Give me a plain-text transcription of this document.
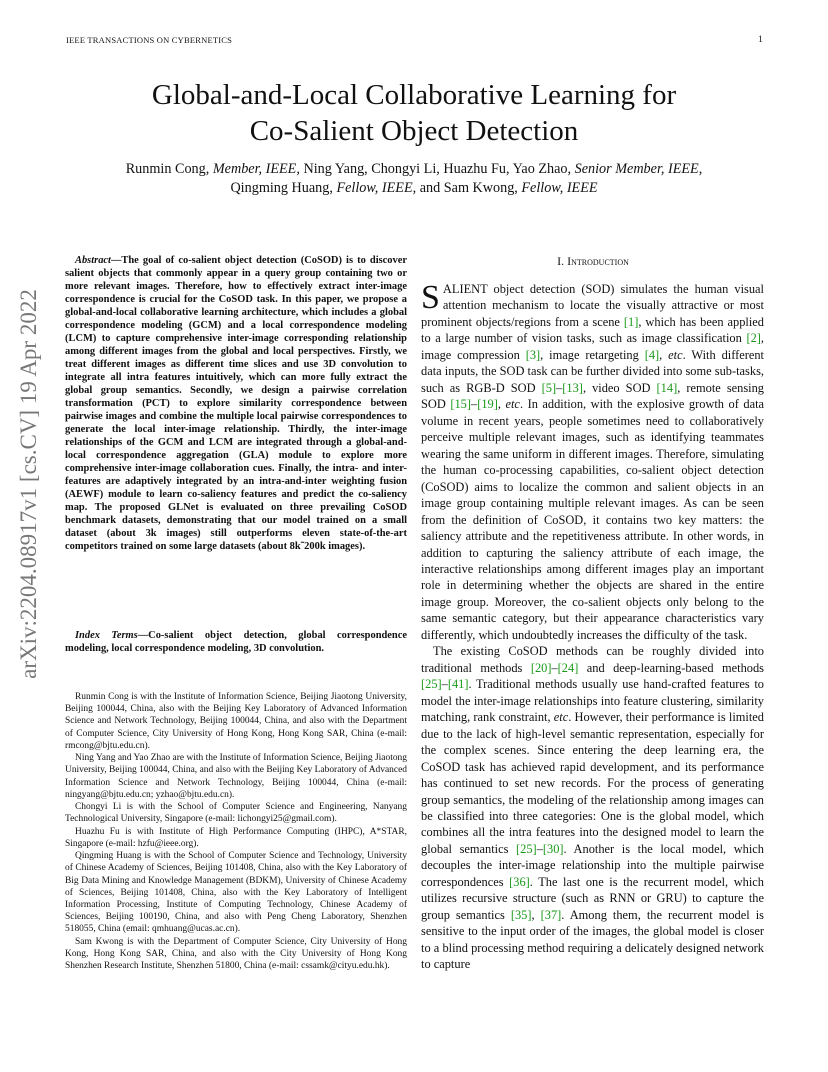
IEEE TRANSACTIONS ON CYBERNETICS	1
Global-and-Local Collaborative Learning for
Co-Salient Object Detection
Runmin Cong, Member, IEEE, Ning Yang, Chongyi Li, Huazhu Fu, Yao Zhao, Senior Member, IEEE,
Qingming Huang, Fellow, IEEE, and Sam Kwong, Fellow, IEEE
arXiv:2204.08917v1 [cs.CV] 19 Apr 2022
Abstract—The goal of co-salient object detection (CoSOD) is to discover salient objects that commonly appear in a query group containing two or more relevant images. Therefore, how to effectively extract inter-image correspondence is crucial for the CoSOD task. In this paper, we propose a global-and-local collaborative learning architecture, which includes a global correspondence modeling (GCM) and a local correspondence modeling (LCM) to capture comprehensive inter-image corresponding relationship among different images from the global and local perspectives. Firstly, we treat different images as different time slices and use 3D convolution to integrate all intra features intuitively, which can more fully extract the global group semantics. Secondly, we design a pairwise correlation transformation (PCT) to explore similarity correspondence between pairwise images and combine the multiple local pairwise correspondences to generate the local inter-image relationship. Thirdly, the inter-image relationships of the GCM and LCM are integrated through a global-and-local correspondence aggregation (GLA) module to explore more comprehensive inter-image collaboration cues. Finally, the intra- and inter-features are adaptively integrated by an intra-and-inter weighting fusion (AEWF) module to learn co-saliency features and predict the co-saliency map. The proposed GLNet is evaluated on three prevailing CoSOD benchmark datasets, demonstrating that our model trained on a small dataset (about 3k images) still outperforms eleven state-of-the-art competitors trained on some large datasets (about 8k˜200k images).
Index Terms—Co-salient object detection, global correspondence modeling, local correspondence modeling, 3D convolution.

Runmin Cong is with the Institute of Information Science, Beijing Jiaotong University, Beijing 100044, China, also with the Beijing Key Laboratory of Advanced Information Science and Network Technology, Beijing 100044, China, and also with the Department of Computer Science, City University of Hong Kong, Hong Kong SAR, China (e-mail: rmcong@bjtu.edu.cn).

Ning Yang and Yao Zhao are with the Institute of Information Science, Beijing Jiaotong University, Beijing 100044, China, and also with the Beijing Key Laboratory of Advanced Information Science and Network Technology, Beijing 100044, China (e-mail: ningyang@bjtu.edu.cn; yzhao@bjtu.edu.cn).

Chongyi Li is with the School of Computer Science and Engineering, Nanyang Technological University, Singapore (e-mail: lichongyi25@gmail.com).

Huazhu Fu is with Institute of High Performance Computing (IHPC), A*STAR, Singapore (e-mail: hzfu@ieee.org).

Qingming Huang is with the School of Computer Science and Technology, University of Chinese Academy of Sciences, Beijing 101408, China, also with the Key Laboratory of Big Data Mining and Knowledge Management (BDKM), University of Chinese Academy of Sciences, Beijing 101408, China, also with the Key Laboratory of Intelligent Information Processing, Institute of Computing Technology, Chinese Academy of Sciences, Beijing 100190, China, and also with Peng Cheng Laboratory, Shenzhen 518055, China (email: qmhuang@ucas.ac.cn).

Sam Kwong is with the Department of Computer Science, City University of Hong Kong, Hong Kong SAR, China, and also with the City University of Hong Kong Shenzhen Research Institute, Shenzhen 51800, China (e-mail: cssamk@cityu.edu.hk).

I. Introduction

SALIENT object detection (SOD) simulates the human visual attention mechanism to locate the visually attractive or most prominent objects/regions from a scene [1], which has been applied to a large number of vision tasks, such as image classification [2], image compression [3], image retargeting [4], etc. With different data inputs, the SOD task can be further divided into some sub-tasks, such as RGB-D SOD [5]–[13], video SOD [14], remote sensing SOD [15]–[19], etc. In addition, with the explosive growth of data volume in recent years, people sometimes need to collaboratively perceive multiple relevant images, such as identifying teammates wearing the same uniform in different images. Therefore, simulating the human co-processing capabilities, co-salient object detection (CoSOD) aims to localize the common and salient objects in an image group containing multiple relevant images. As can be seen from the definition of CoSOD, it contains two key matters: the saliency attribute and the repetitiveness attribute. In other words, in addition to capturing the saliency attribute of each image, the interactive relationships among different images play an important role in determining whether the objects are shared in the entire image group. Moreover, the co-salient objects only belong to the same semantic category, but their appearance characteristics vary differently, which undoubtedly increases the difficulty of the task.

The existing CoSOD methods can be roughly divided into traditional methods [20]–[24] and deep-learning-based methods [25]–[41]. Traditional methods usually use hand-crafted features to model the inter-image relationships into feature clustering, similarity matching, rank constraint, etc. However, their performance is limited due to the lack of high-level semantic representation, especially for the complex scenes. Since entering the deep learning era, the CoSOD task has achieved rapid development, and its performance has continued to set new records. For the process of generating group semantics, the modeling of the relationship among images can be classified into three categories: One is the global model, which combines all the intra features into the designed model to learn the global semantics [25]–[30]. Another is the local model, which decouples the inter-image relationship into the multiple pairwise correspondences [36]. The last one is the recurrent model, which utilizes recursive structure (such as RNN or GRU) to capture the group semantics [35], [37]. Among them, the recurrent model is sensitive to the input order of the images, the global model is closer to a blind processing method requiring a delicately designed network to capture
